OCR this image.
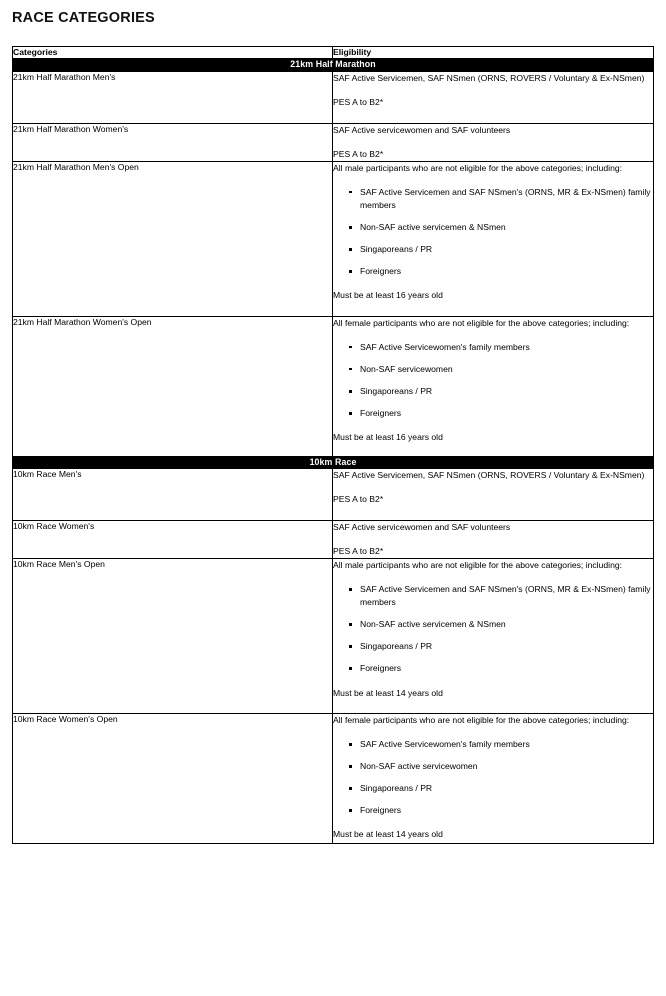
RACE CATEGORIES
Categories	Eligibility
21km Half Marathon	
21km Half Marathon Men's	SAF Active Servicemen, SAF NSmen (ORNS, ROVERS / Voluntary & Ex-NSmen)

PES A to B2*

21km Half Marathon Women's	SAF Active servicewomen and SAF volunteers

PES A to B2*

21km Half Marathon Men's Open	All male participants who are not eligible for the above categories; including:

SAF Active Servicemen and SAF NSmen's (ORNS, MR & Ex-NSmen) family members
Non-SAF active servicemen & NSmen
Singaporeans / PR
Foreigners

Must be at least 16 years old

21km Half Marathon Women's Open	All female participants who are not eligible for the above categories; including:

SAF Active Servicewomen's family members
Non-SAF servicewomen
Singaporeans / PR
Foreigners

Must be at least 16 years old

10km Race	
10km Race Men's	SAF Active Servicemen, SAF NSmen (ORNS, ROVERS / Voluntary & Ex-NSmen)

PES A to B2*

10km Race Women's	SAF Active servicewomen and SAF volunteers

PES A to B2*

10km Race Men's Open	All male participants who are not eligible for the above categories; including:

SAF Active Servicemen and SAF NSmen's (ORNS, MR & Ex-NSmen) family members
Non-SAF active servicemen & NSmen
Singaporeans / PR
Foreigners

Must be at least 14 years old

10km Race Women's Open	All female participants who are not eligible for the above categories; including:

SAF Active Servicewomen's family members
Non-SAF active servicewomen
Singaporeans / PR
Foreigners

Must be at least 14 years old
